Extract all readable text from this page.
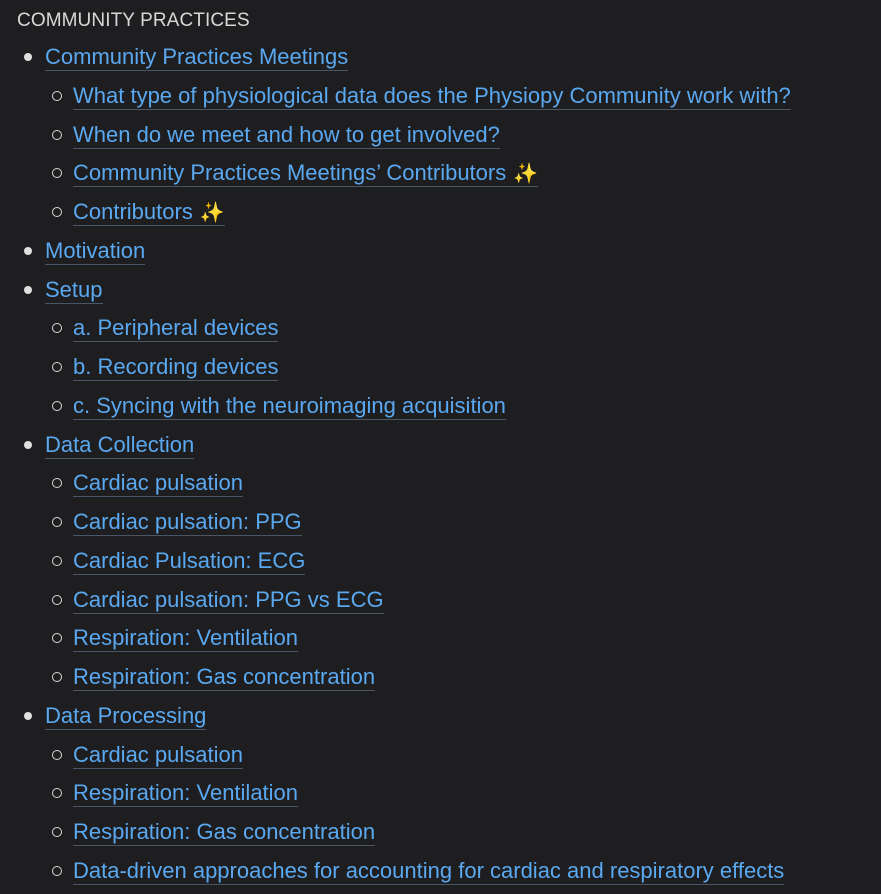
COMMUNITY PRACTICES
Community Practices Meetings
What type of physiological data does the Physiopy Community work with?
When do we meet and how to get involved?
Community Practices Meetings’ Contributors ✨
Contributors ✨
Motivation
Setup
a. Peripheral devices
b. Recording devices
c. Syncing with the neuroimaging acquisition
Data Collection
Cardiac pulsation
Cardiac pulsation: PPG
Cardiac Pulsation: ECG
Cardiac pulsation: PPG vs ECG
Respiration: Ventilation
Respiration: Gas concentration
Data Processing
Cardiac pulsation
Respiration: Ventilation
Respiration: Gas concentration
Data-driven approaches for accounting for cardiac and respiratory effects
